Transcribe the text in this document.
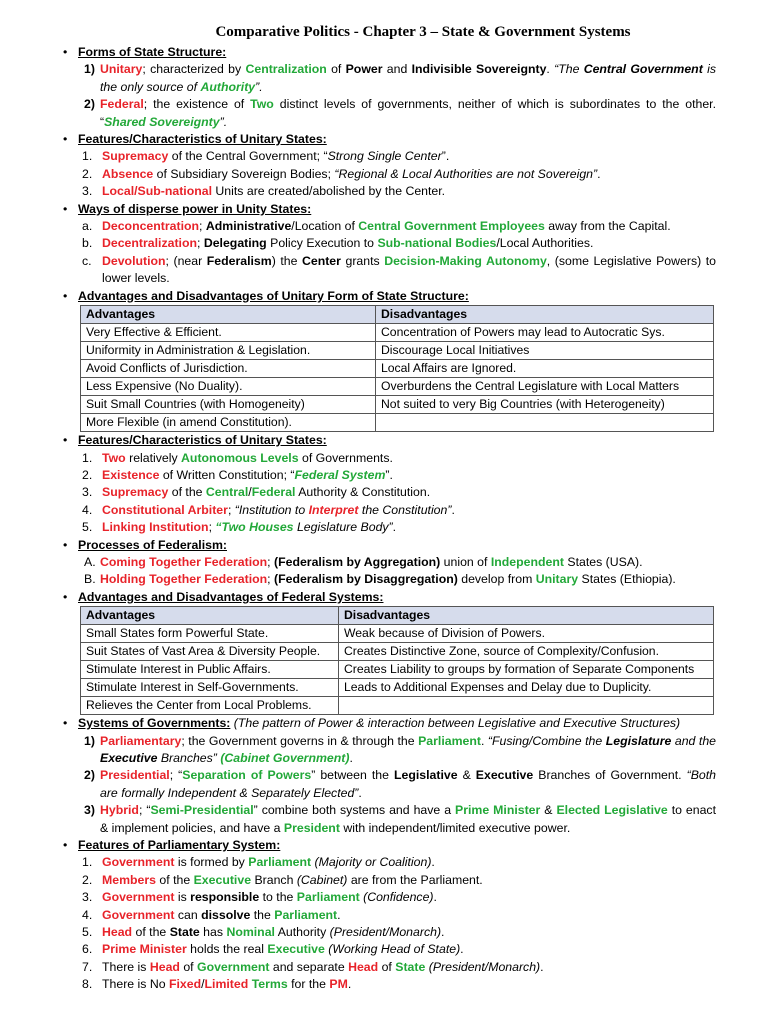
Comparative Politics - Chapter 3 – State & Government Systems
• Forms of State Structure:
1) Unitary; characterized by Centralization of Power and Indivisible Sovereignty. “The Central Government is the only source of Authority”.
2) Federal; the existence of Two distinct levels of governments, neither of which is subordinates to the other. “Shared Sovereignty”.
• Features/Characteristics of Unitary States:
1. Supremacy of the Central Government; “Strong Single Center”.
2. Absence of Subsidiary Sovereign Bodies; “Regional & Local Authorities are not Sovereign”.
3. Local/Sub-national Units are created/abolished by the Center.
• Ways of disperse power in Unity States:
a. Deconcentration; Administrative/Location of Central Government Employees away from the Capital.
b. Decentralization; Delegating Policy Execution to Sub-national Bodies/Local Authorities.
c. Devolution; (near Federalism) the Center grants Decision-Making Autonomy, (some Legislative Powers) to lower levels.
• Advantages and Disadvantages of Unitary Form of State Structure:
Advantages	Disadvantages
Very Effective & Efficient.	Concentration of Powers may lead to Autocratic Sys.
Uniformity in Administration & Legislation.	Discourage Local Initiatives
Avoid Conflicts of Jurisdiction.	Local Affairs are Ignored.
Less Expensive (No Duality).	Overburdens the Central Legislature with Local Matters
Suit Small Countries (with Homogeneity)	Not suited to very Big Countries (with Heterogeneity)
More Flexible (in amend Constitution).	
• Features/Characteristics of Unitary States:
1. Two relatively Autonomous Levels of Governments.
2. Existence of Written Constitution; “Federal System”.
3. Supremacy of the Central/Federal Authority & Constitution.
4. Constitutional Arbiter; “Institution to Interpret the Constitution”.
5. Linking Institution; “Two Houses Legislature Body”.
• Processes of Federalism:
A. Coming Together Federation; (Federalism by Aggregation) union of Independent States (USA).
B. Holding Together Federation; (Federalism by Disaggregation) develop from Unitary States (Ethiopia).
• Advantages and Disadvantages of Federal Systems:
Advantages	Disadvantages
Small States form Powerful State.	Weak because of Division of Powers.
Suit States of Vast Area & Diversity People.	Creates Distinctive Zone, source of Complexity/Confusion.
Stimulate Interest in Public Affairs.	Creates Liability to groups by formation of Separate Components
Stimulate Interest in Self-Governments.	Leads to Additional Expenses and Delay due to Duplicity.
Relieves the Center from Local Problems.	
• Systems of Governments: (The pattern of Power & interaction between Legislative and Executive Structures)
1) Parliamentary; the Government governs in & through the Parliament. “Fusing/Combine the Legislature and the Executive Branches” (Cabinet Government).
2) Presidential; “Separation of Powers” between the Legislative & Executive Branches of Government. “Both are formally Independent & Separately Elected”.
3) Hybrid; “Semi-Presidential” combine both systems and have a Prime Minister & Elected Legislative to enact & implement policies, and have a President with independent/limited executive power.
• Features of Parliamentary System:
1. Government is formed by Parliament (Majority or Coalition).
2. Members of the Executive Branch (Cabinet) are from the Parliament.
3. Government is responsible to the Parliament (Confidence).
4. Government can dissolve the Parliament.
5. Head of the State has Nominal Authority (President/Monarch).
6. Prime Minister holds the real Executive (Working Head of State).
7. There is Head of Government and separate Head of State (President/Monarch).
8. There is No Fixed/Limited Terms for the PM.
